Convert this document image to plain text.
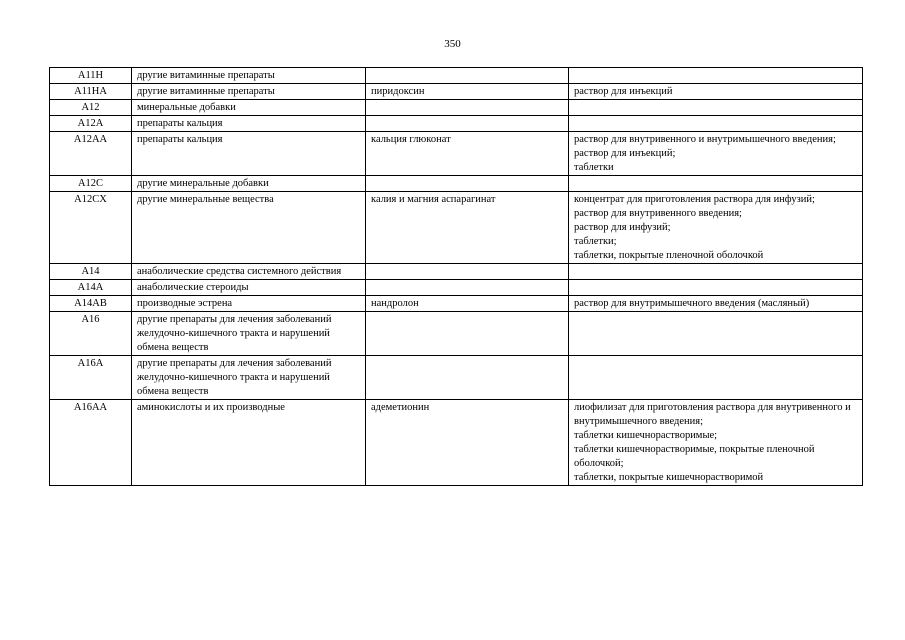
350
A11H	другие витаминные препараты		
A11HA	другие витаминные препараты	пиридоксин	раствор для инъекций

A12	минеральные добавки		
A12A	препараты кальция		
A12AA	препараты кальция	кальция глюконат	раствор для внутривенного и внутримышечного введения;
раствор для инъекций;
таблетки

A12C	другие минеральные добавки		
A12CX	другие минеральные вещества	калия и магния аспарагинат	концентрат для приготовления раствора для инфузий;
раствор для внутривенного введения;
раствор для инфузий;
таблетки;
таблетки, покрытые пленочной оболочкой

A14	анаболические средства системного действия		
A14A	анаболические стероиды		
A14AB	производные эстрена	нандролон	раствор для внутримышечного введения (масляный)

A16	другие препараты для лечения заболеваний желудочно-кишечного тракта и нарушений обмена веществ		
A16A	другие препараты для лечения заболеваний желудочно-кишечного тракта и нарушений обмена веществ		
A16AA	аминокислоты и их производные	адеметионин	лиофилизат для приготовления раствора для внутривенного и внутримышечного введения;
таблетки кишечнорастворимые;
таблетки кишечнорастворимые, покрытые пленочной оболочкой;
таблетки, покрытые кишечнорастворимой
